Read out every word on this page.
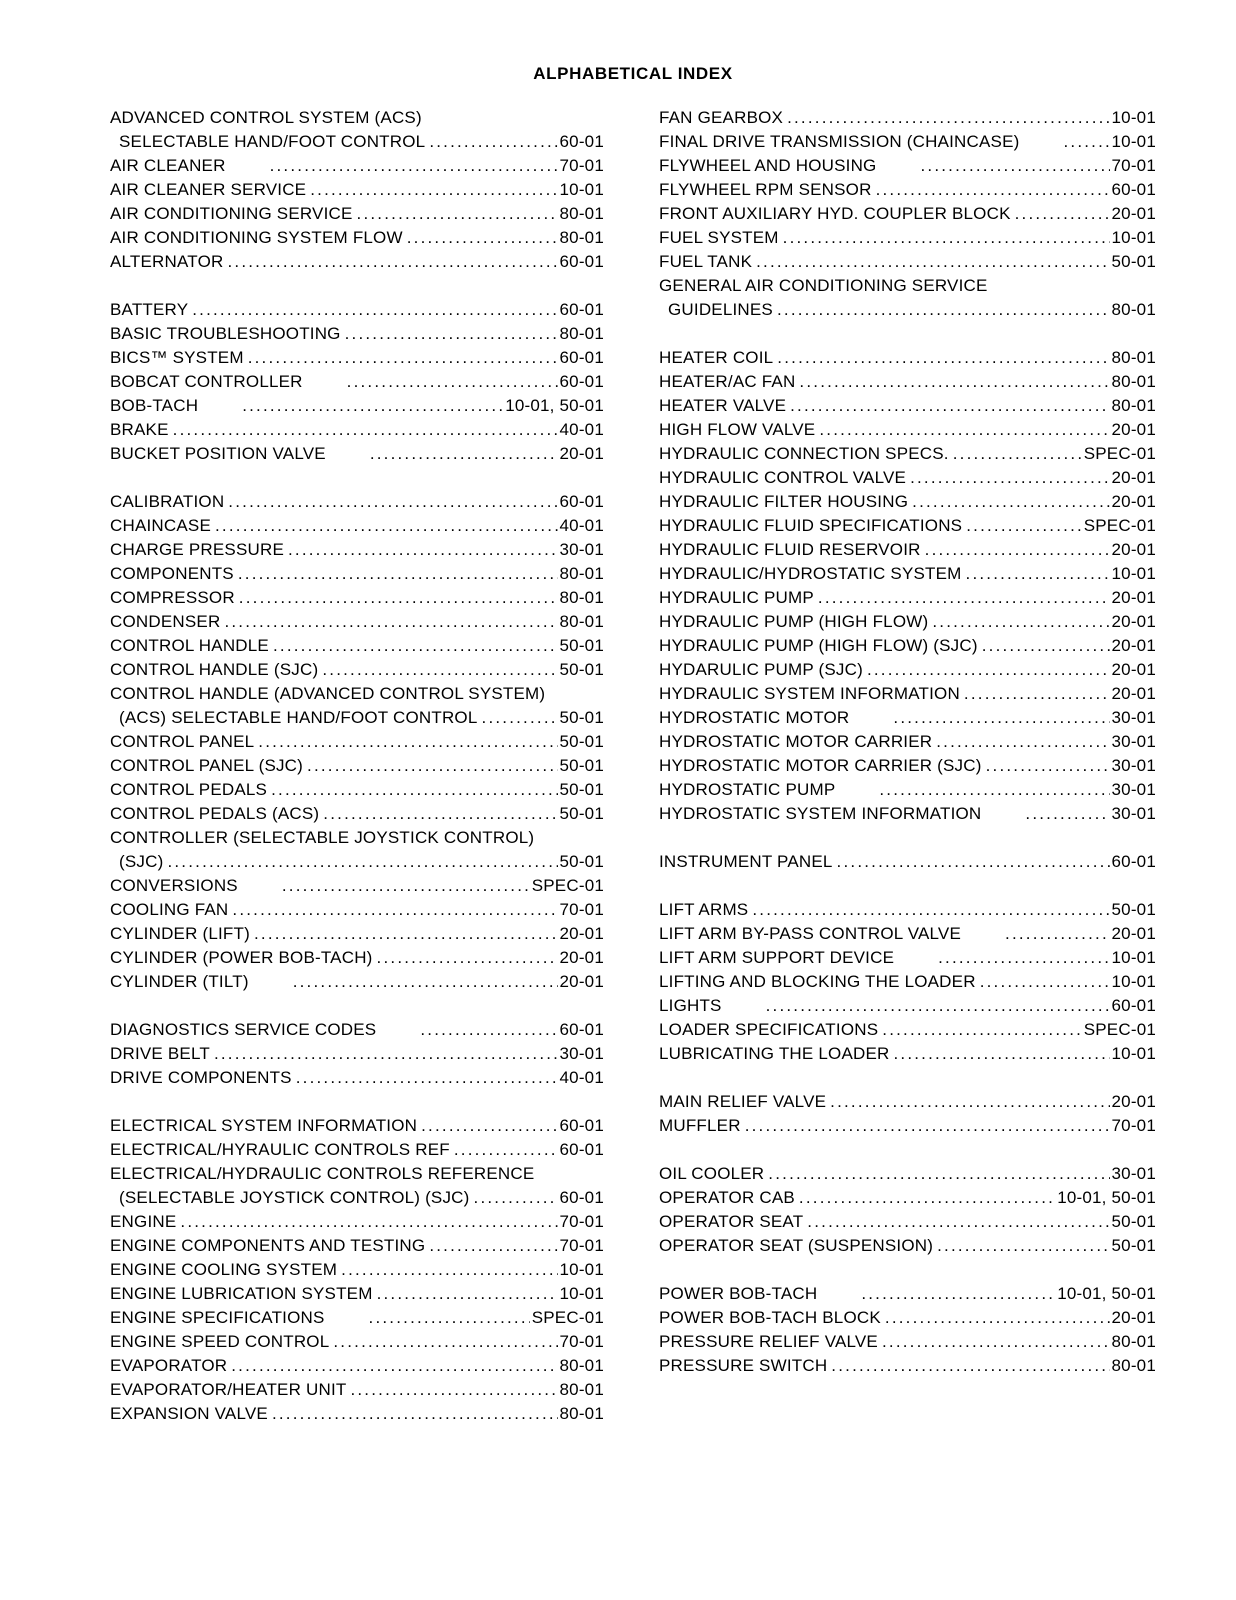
ALPHABETICAL INDEX
ADVANCED CONTROL SYSTEM (ACS)
SELECTABLE HAND/FOOT CONTROL .....	60-01
AIR CLEANER .....	70-01
AIR CLEANER SERVICE .....	10-01
AIR CONDITIONING SERVICE .....	80-01
AIR CONDITIONING SYSTEM FLOW .....	80-01
ALTERNATOR .....	60-01
BATTERY .....	60-01
BASIC TROUBLESHOOTING .....	80-01
BICS™ SYSTEM .....	60-01
BOBCAT CONTROLLER .....	60-01
BOB-TACH .....	10-01, 50-01
BRAKE .....	40-01
BUCKET POSITION VALVE .....	20-01
CALIBRATION .....	60-01
CHAINCASE .....	40-01
CHARGE PRESSURE .....	30-01
COMPONENTS .....	80-01
COMPRESSOR .....	80-01
CONDENSER .....	80-01
CONTROL HANDLE .....	50-01
CONTROL HANDLE (SJC) .....	50-01
CONTROL HANDLE (ADVANCED CONTROL SYSTEM)
(ACS) SELECTABLE HAND/FOOT CONTROL .....	50-01
CONTROL PANEL .....	50-01
CONTROL PANEL (SJC) .....	50-01
CONTROL PEDALS .....	50-01
CONTROL PEDALS (ACS) .....	50-01
CONTROLLER (SELECTABLE JOYSTICK CONTROL)
(SJC) .....	50-01
CONVERSIONS .....	SPEC-01
COOLING FAN .....	70-01
CYLINDER (LIFT) .....	20-01
CYLINDER (POWER BOB-TACH) .....	20-01
CYLINDER (TILT) .....	20-01
DIAGNOSTICS SERVICE CODES .....	60-01
DRIVE BELT .....	30-01
DRIVE COMPONENTS .....	40-01
ELECTRICAL SYSTEM INFORMATION .....	60-01
ELECTRICAL/HYRAULIC CONTROLS REF .....	60-01
ELECTRICAL/HYDRAULIC CONTROLS REFERENCE
(SELECTABLE JOYSTICK CONTROL) (SJC) .....	60-01
ENGINE .....	70-01
ENGINE COMPONENTS AND TESTING .....	70-01
ENGINE COOLING SYSTEM .....	10-01
ENGINE LUBRICATION SYSTEM .....	10-01
ENGINE SPECIFICATIONS .....	SPEC-01
ENGINE SPEED CONTROL .....	70-01
EVAPORATOR .....	80-01
EVAPORATOR/HEATER UNIT .....	80-01
EXPANSION VALVE .....	80-01
FAN GEARBOX .....	10-01
FINAL DRIVE TRANSMISSION (CHAINCASE) .....	10-01
FLYWHEEL AND HOUSING .....	70-01
FLYWHEEL RPM SENSOR .....	60-01
FRONT AUXILIARY HYD. COUPLER BLOCK .....	20-01
FUEL SYSTEM .....	10-01
FUEL TANK .....	50-01
GENERAL AIR CONDITIONING SERVICE
GUIDELINES .....	80-01
HEATER COIL .....	80-01
HEATER/AC FAN .....	80-01
HEATER VALVE .....	80-01
HIGH FLOW VALVE .....	20-01
HYDRAULIC CONNECTION SPECS. .....	SPEC-01
HYDRAULIC CONTROL VALVE .....	20-01
HYDRAULIC FILTER HOUSING .....	20-01
HYDRAULIC FLUID SPECIFICATIONS .....	SPEC-01
HYDRAULIC FLUID RESERVOIR .....	20-01
HYDRAULIC/HYDROSTATIC SYSTEM .....	10-01
HYDRAULIC PUMP .....	20-01
HYDRAULIC PUMP (HIGH FLOW) .....	20-01
HYDRAULIC PUMP (HIGH FLOW) (SJC) .....	20-01
HYDARULIC PUMP (SJC) .....	20-01
HYDRAULIC SYSTEM INFORMATION .....	20-01
HYDROSTATIC MOTOR .....	30-01
HYDROSTATIC MOTOR CARRIER .....	30-01
HYDROSTATIC MOTOR CARRIER (SJC) .....	30-01
HYDROSTATIC PUMP .....	30-01
HYDROSTATIC SYSTEM INFORMATION .....	30-01
INSTRUMENT PANEL .....	60-01
LIFT ARMS .....	50-01
LIFT ARM BY-PASS CONTROL VALVE .....	20-01
LIFT ARM SUPPORT DEVICE .....	10-01
LIFTING AND BLOCKING THE LOADER .....	10-01
LIGHTS .....	60-01
LOADER SPECIFICATIONS .....	SPEC-01
LUBRICATING THE LOADER .....	10-01
MAIN RELIEF VALVE .....	20-01
MUFFLER .....	70-01
OIL COOLER .....	30-01
OPERATOR CAB .....	10-01, 50-01
OPERATOR SEAT .....	50-01
OPERATOR SEAT (SUSPENSION) .....	50-01
POWER BOB-TACH .....	10-01, 50-01
POWER BOB-TACH BLOCK .....	20-01
PRESSURE RELIEF VALVE .....	80-01
PRESSURE SWITCH .....	80-01
